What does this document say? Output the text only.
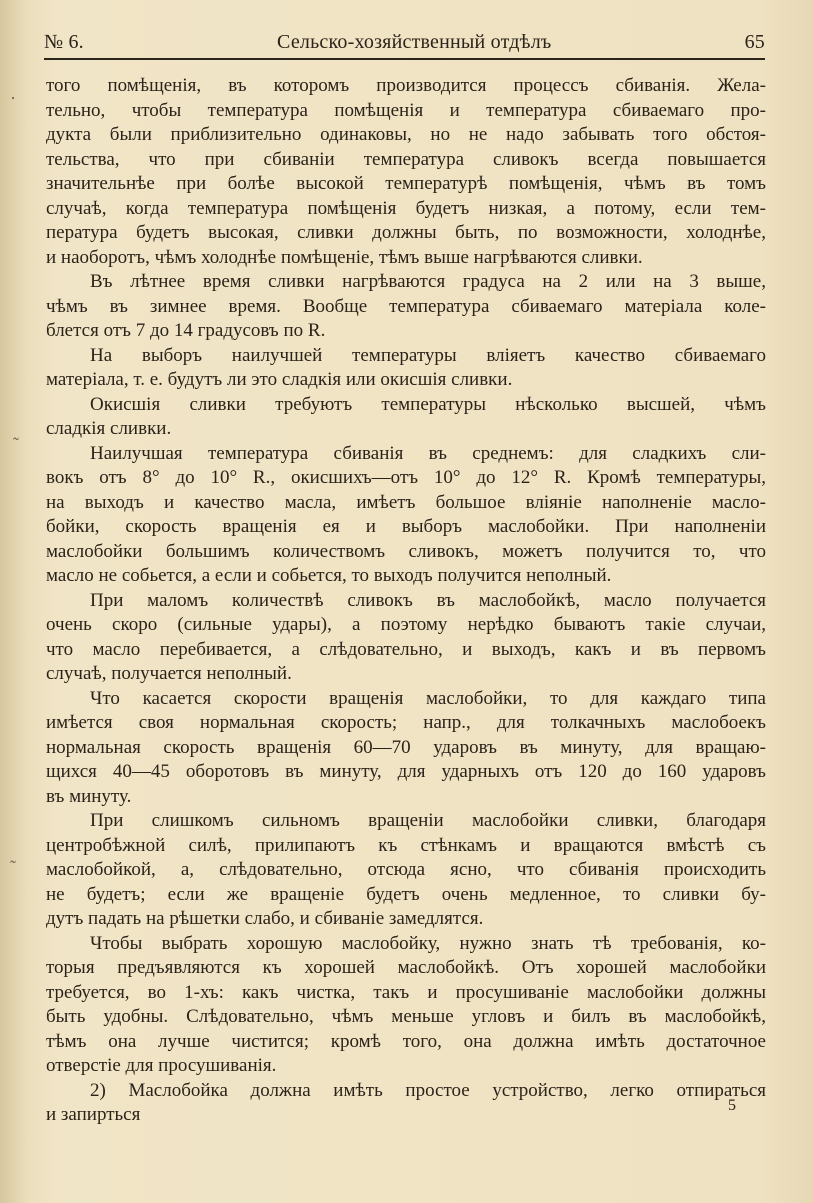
№ 6.	Сельско-хозяйственный отдѣлъ	65
·
˜
˜
того помѣщенія, въ которомъ производится процессъ сбиванія. Жела-
тельно, чтобы температура помѣщенія и температура сбиваемаго про-
дукта были приблизительно одинаковы, но не надо забывать того обстоя-
тельства, что при сбиваніи температура сливокъ всегда повышается
значительнѣе при болѣе высокой температурѣ помѣщенія, чѣмъ въ томъ
случаѣ, когда температура помѣщенія будетъ низкая, а потому, если тем-
пература будетъ высокая, сливки должны быть, по возможности, холоднѣе,
и наоборотъ, чѣмъ холоднѣе помѣщеніе, тѣмъ выше нагрѣваются сливки.
Въ лѣтнее время сливки нагрѣваются градуса на 2 или на 3 выше,
чѣмъ въ зимнее время. Вообще температура сбиваемаго матеріала коле-
блется отъ 7 до 14 градусовъ по R.
На выборъ наилучшей температуры вліяетъ качество сбиваемаго
матеріала, т. е. будутъ ли это сладкія или окисшія сливки.
Окисшія сливки требуютъ температуры нѣсколько высшей, чѣмъ
сладкія сливки.
Наилучшая температура сбиванія въ среднемъ: для сладкихъ сли-
вокъ отъ 8° до 10° R., окисшихъ—отъ 10° до 12° R. Кромѣ температуры,
на выходъ и качество масла, имѣетъ большое вліяніе наполненіе масло-
бойки, скорость вращенія ея и выборъ маслобойки. При наполненіи
маслобойки большимъ количествомъ сливокъ, можетъ получится то, что
масло не собьется, а если и собьется, то выходъ получится неполный.
При маломъ количествѣ сливокъ въ маслобойкѣ, масло получается
очень скоро (сильные удары), а поэтому нерѣдко бываютъ такіе случаи,
что масло перебивается, а слѣдовательно, и выходъ, какъ и въ первомъ
случаѣ, получается неполный.
Что касается скорости вращенія маслобойки, то для каждаго типа
имѣется своя нормальная скорость; напр., для толкачныхъ маслобоекъ
нормальная скорость вращенія 60—70 ударовъ въ минуту, для вращаю-
щихся 40—45 оборотовъ въ минуту, для ударныхъ отъ 120 до 160 ударовъ
въ минуту.
При слишкомъ сильномъ вращеніи маслобойки сливки, благодаря
центробѣжной силѣ, прилипаютъ къ стѣнкамъ и вращаются вмѣстѣ съ
маслобойкой, а, слѣдовательно, отсюда ясно, что сбиванія происходить
не будетъ; если же вращеніе будетъ очень медленное, то сливки бу-
дутъ падать на рѣшетки слабо, и сбиваніе замедлятся.
Чтобы выбрать хорошую маслобойку, нужно знать тѣ требованія, ко-
торыя предъявляются къ хорошей маслобойкѣ. Отъ хорошей маслобойки
требуется, во 1-хъ: какъ чистка, такъ и просушиваніе маслобойки должны
быть удобны. Слѣдовательно, чѣмъ меньше угловъ и билъ въ маслобойкѣ,
тѣмъ она лучше чистится; кромѣ того, она должна имѣть достаточное
отверстіе для просушиванія.
2) Маслобойка должна имѣть простое устройство, легко отпираться
и запирться	5
